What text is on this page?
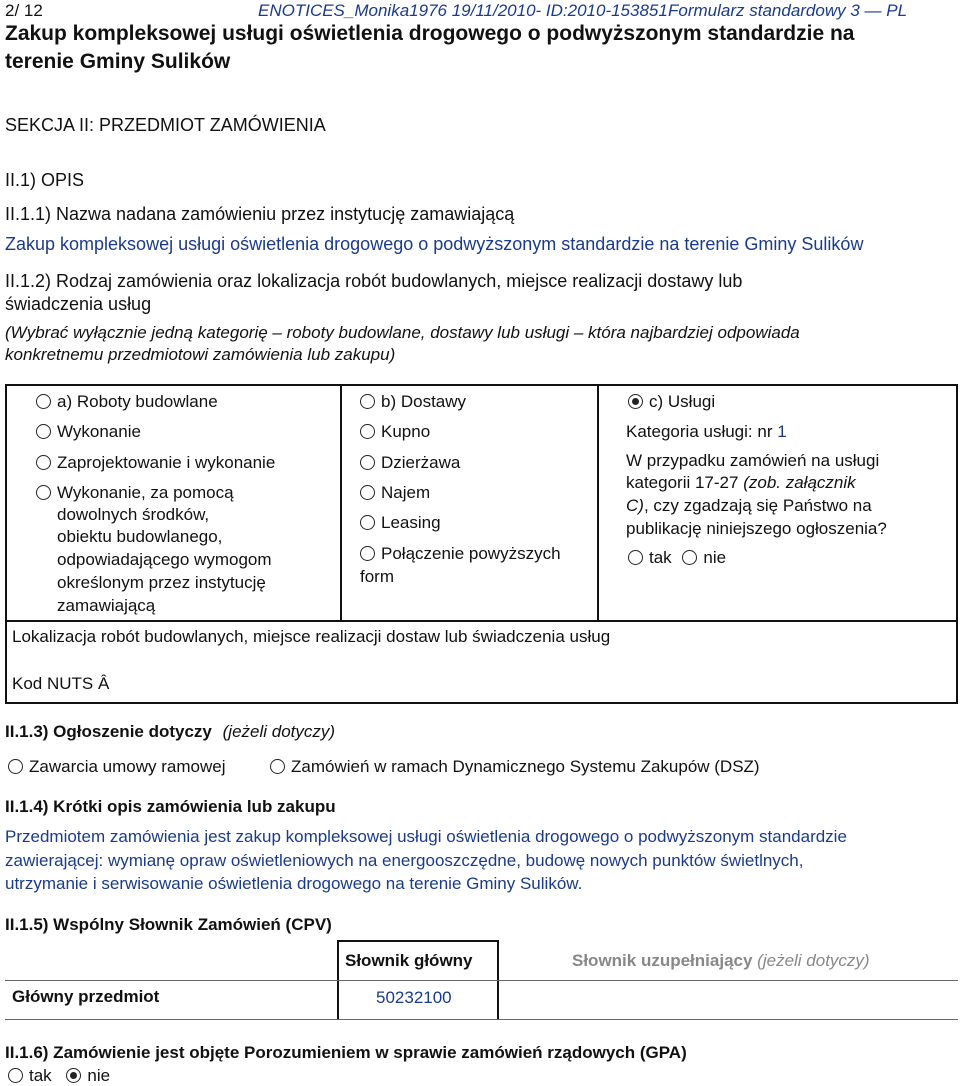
2/ 12	ENOTICES_Monika1976 19/11/2010- ID:2010-153851 Formularz standardowy 3 — PL
Zakup kompleksowej usługi oświetlenia drogowego o podwyższonym standardzie na
terenie Gminy Sulików
SEKCJA II: PRZEDMIOT ZAMÓWIENIA
II.1) OPIS
II.1.1) Nazwa nadana zamówieniu przez instytucję zamawiającą
Zakup kompleksowej usługi oświetlenia drogowego o podwyższonym standardzie na terenie Gminy Sulików
II.1.2) Rodzaj zamówienia oraz lokalizacja robót budowlanych, miejsce realizacji dostawy lub
świadczenia usług
(Wybrać wyłącznie jedną kategorię – roboty budowlane, dostawy lub usługi – która najbardziej odpowiada
konkretnemu przedmiotowi zamówienia lub zakupu)
a) Roboty budowlane
Wykonanie
Zaprojektowanie i wykonanie
Wykonanie, za pomocą
dowolnych środków,
obiektu budowlanego,
odpowiadającego wymogom
określonym przez instytucję
zamawiającą
b) Dostawy
Kupno
Dzierżawa
Najem
Leasing
Połączenie powyższych
form
c) Usługi
Kategoria usługi: nr 1
W przypadku zamówień na usługi
kategorii 17-27 (zob. załącznik
C), czy zgadzają się Państwo na
publikację niniejszego ogłoszenia?
tak nie
Lokalizacja robót budowlanych, miejsce realizacji dostaw lub świadczenia usług
Kod NUTS Â
II.1.3) Ogłoszenie dotyczy (jeżeli dotyczy)
Zawarcia umowy ramowej	Zamówień w ramach Dynamicznego Systemu Zakupów (DSZ)
II.1.4) Krótki opis zamówienia lub zakupu
Przedmiotem zamówienia jest zakup kompleksowej usługi oświetlenia drogowego o podwyższonym standardzie
zawierającej: wymianę opraw oświetleniowych na energooszczędne, budowę nowych punktów świetlnych,
utrzymanie i serwisowanie oświetlenia drogowego na terenie Gminy Sulików.
II.1.5) Wspólny Słownik Zamówień (CPV)
Słownik główny	Słownik uzupełniający (jeżeli dotyczy)
Główny przedmiot	50232100
II.1.6) Zamówienie jest objęte Porozumieniem w sprawie zamówień rządowych (GPA)
tak nie
